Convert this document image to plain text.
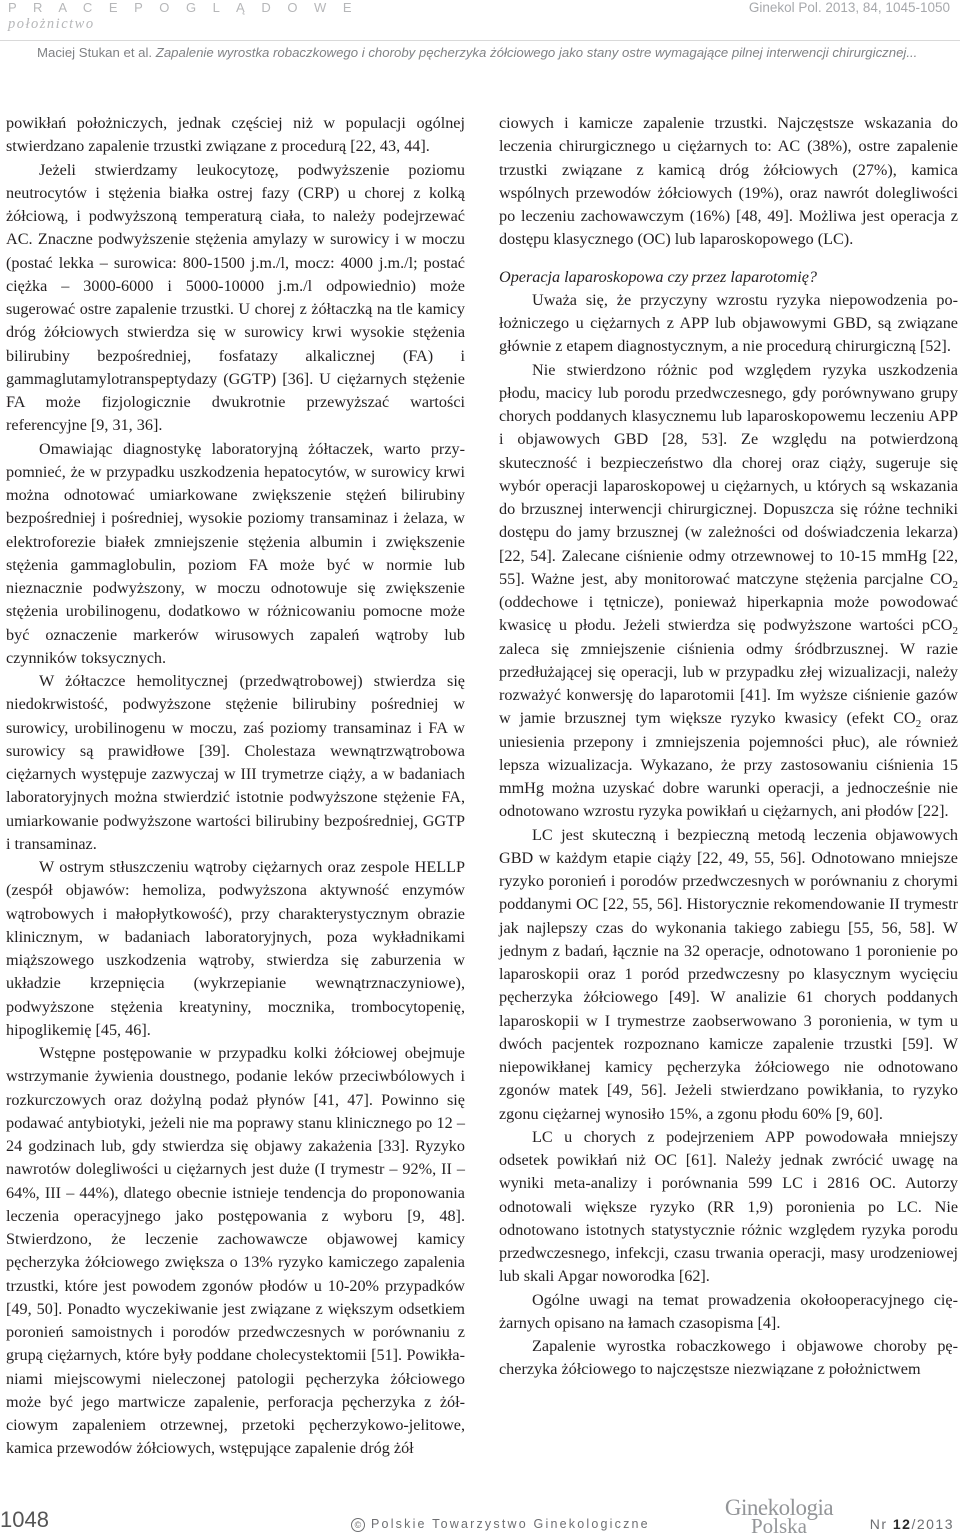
P R A C E P O G L Ą D O W E
położnictwo
Ginekol Pol. 2013, 84, 1045-1050
Maciej Stukan et al. Zapalenie wyrostka robaczkowego i choroby pęcherzyka żółciowego jako stany ostre wymagające pilnej interwencji chirurgicznej...

powikłań położniczych, jednak częściej niż w populacji ogólnej stwierdzano zapalenie trzustki związane z procedurą [22, 43, 44].

Jeżeli stwierdzamy leukocytozę, podwyższenie poziomu neutrocytów i stężenia białka ostrej fazy (CRP) u chorej z kolką żółciową, i podwyższoną temperaturą ciała, to należy podejrzewać AC. Znaczne podwyższenie stężenia amylazy w surowicy i w moczu (postać lekka – surowica: 800-1500 j.m./l, mocz: 4000 j.m./l; postać ciężka – 3000-6000 i 5000-10000 j.m./l odpowiednio) może sugerować ostre zapalenie trzustki. U chorej z żółtaczką na tle kamicy dróg żółciowych stwierdza się w surowicy krwi wysokie stężenia bilirubiny bezpośredniej, fosfatazy alkalicznej (FA) i gammaglutamylotranspeptydazy (GGTP) [36]. U ciężarnych stężenie FA może fizjologicznie dwukrotnie przewyższać wartości referencyjne [9, 31, 36].

Omawiając diagnostykę laboratoryjną żółtaczek, warto przypomnieć, że w przypadku uszkodzenia hepatocytów, w surowicy krwi można odnotować umiarkowane zwiększenie stężeń bilirubiny bezpośredniej i pośredniej, wysokie poziomy transaminaz i żelaza, w elektroforezie białek zmniejszenie stężenia albumin i zwiększenie stężenia gammaglobulin, poziom FA może być w normie lub nieznacznie podwyższony, w moczu odnotowuje się zwiększenie stężenia urobilinogenu, dodatkowo w różnicowaniu pomocne może być oznaczenie markerów wirusowych zapaleń wątroby lub czynników toksycznych.

W żółtaczce hemolitycznej (przedwątrobowej) stwierdza się niedokrwistość, podwyższone stężenie bilirubiny pośredniej w surowicy, urobilinogenu w moczu, zaś poziomy transaminaz i FA w surowicy są prawidłowe [39]. Cholestaza wewnątrzwątrobowa ciężarnych występuje zazwyczaj w III trymetrze ciąży, a w badaniach laboratoryjnych można stwierdzić istotnie podwyższone stężenie FA, umiarkowanie podwyższone wartości bilirubiny bezpośredniej, GGTP i transaminaz.

W ostrym stłuszczeniu wątroby ciężarnych oraz zespole HELLP (zespół objawów: hemoliza, podwyższona aktywność enzymów wątrobowych i małopłytkowość), przy charakterystycznym obrazie klinicznym, w badaniach laboratoryjnych, poza wykładnikami miąższowego uszkodzenia wątroby, stwierdza się zaburzenia w układzie krzepnięcia (wykrzepianie wewnątrznaczyniowe), podwyższone stężenia kreatyniny, mocznika, trombocytopenię, hipoglikemię [45, 46].

Wstępne postępowanie w przypadku kolki żółciowej obejmuje wstrzymanie żywienia doustnego, podanie leków przeciwbólowych i rozkurczowych oraz dożylną podaż płynów [41, 47]. Powinno się podawać antybiotyki, jeżeli nie ma poprawy stanu klinicznego po 12 – 24 godzinach lub, gdy stwierdza się objawy zakażenia [33]. Ryzyko nawrotów dolegliwości u ciężarnych jest duże (I trymestr – 92%, II – 64%, III – 44%), dlatego obecnie istnieje tendencja do proponowania leczenia operacyjnego jako postępowania z wyboru [9, 48]. Stwierdzono, że leczenie zachowawcze objawowej kamicy pęcherzyka żółciowego zwiększa o 13% ryzyko kamiczego zapalenia trzustki, które jest powodem zgonów płodów u 10-20% przypadków [49, 50]. Ponadto wyczekiwanie jest związane z większym odsetkiem poronień samoistnych i porodów przedwczesnych w porównaniu z grupą ciężarnych, które były poddane cholecystektomii [51]. Powikłaniami miejscowymi nieleczonej patologii pęcherzyka żółciowego może być jego martwicze zapalenie, perforacja pęcherzyka z żółciowym zapaleniem otrzewnej, przetoki pęcherzykowo-jelitowe, kamica przewodów żółciowych, wstępujące zapalenie dróg żół

ciowych i kamicze zapalenie trzustki. Najczęstsze wskazania do leczenia chirurgicznego u ciężarnych to: AC (38%), ostre zapalenie trzustki związane z kamicą dróg żółciowych (27%), kamica wspólnych przewodów żółciowych (19%), oraz nawrót dolegliwości po leczeniu zachowawczym (16%) [48, 49]. Możliwa jest operacja z dostępu klasycznego (OC) lub laparoskopowego (LC).

Operacja laparoskopowa czy przez laparotomię?

Uważa się, że przyczyny wzrostu ryzyka niepowodzenia położniczego u ciężarnych z APP lub objawowymi GBD, są związane głównie z etapem diagnostycznym, a nie procedurą chirurgiczną [52].

Nie stwierdzono różnic pod względem ryzyka uszkodzenia płodu, macicy lub porodu przedwczesnego, gdy porównywano grupy chorych poddanych klasycznemu lub laparoskopowemu leczeniu APP i objawowych GBD [28, 53]. Ze względu na potwierdzoną skuteczność i bezpieczeństwo dla chorej oraz ciąży, sugeruje się wybór operacji laparoskopowej u ciężarnych, u których są wskazania do brzusznej interwencji chirurgicznej. Dopuszcza się różne techniki dostępu do jamy brzusznej (w zależności od doświadczenia lekarza) [22, 54]. Zalecane ciśnienie odmy otrzewnowej to 10-15 mmHg [22, 55]. Ważne jest, aby monitorować matczyne stężenia parcjalne $CO_2$ (oddechowe i tętnicze), ponieważ hiperkapnia może powodować kwasicę u płodu. Jeżeli stwierdza się podwyższone wartości pCO$_2$ zaleca się zmniejszenie ciśnienia odmy śródbrzusznej. W razie przedłużającej się operacji, lub w przypadku złej wizualizacji, należy rozważyć konwersję do laparotomii [41]. Im wyższe ciśnienie gazów w jamie brzusznej tym większe ryzyko kwasicy (efekt $CO_2$ oraz uniesienia przepony i zmniejszenia pojemności płuc), ale również lepsza wizualizacja. Wykazano, że przy zastosowaniu ciśnienia 15 mmHg można uzyskać dobre warunki operacji, a jednocześnie nie odnotowano wzrostu ryzyka powikłań u ciężarnych, ani płodów [22].

LC jest skuteczną i bezpieczną metodą leczenia objawowych GBD w każdym etapie ciąży [22, 49, 55, 56]. Odnotowano mniejsze ryzyko poronień i porodów przedwczesnych w porównaniu z chorymi poddanymi OC [22, 55, 56]. Historycznie rekomendowanie II trymestr jak najlepszy czas do wykonania takiego zabiegu [55, 56, 58]. W jednym z badań, łącznie na 32 operacje, odnotowano 1 poronienie po laparoskopii oraz 1 poród przedwczesny po klasycznym wycięciu pęcherzyka żółciowego [49]. W analizie 61 chorych poddanych laparoskopii w I trymestrze zaobserwowano 3 poronienia, w tym u dwóch pacjentek rozpoznano kamicze zapalenie trzustki [59]. W niepowikłanej kamicy pęcherzyka żółciowego nie odnotowano zgonów matek [49, 56]. Jeżeli stwierdzano powikłania, to ryzyko zgonu ciężarnej wynosiło 15%, a zgonu płodu 60% [9, 60].

LC u chorych z podejrzeniem APP powodowała mniejszy odsetek powikłań niż OC [61]. Należy jednak zwrócić uwagę na wyniki meta-analizy i porównania 599 LC i 2816 OC. Autorzy odnotowali większe ryzyko (RR 1,9) poronienia po LC. Nie odnotowano istotnych statystycznie różnic względem ryzyka porodu przedwczesnego, infekcji, czasu trwania operacji, masy urodzeniowej lub skali Apgar noworodka [62].

Ogólne uwagi na temat prowadzenia okołooperacyjnego ciężarnych opisano na łamach czasopisma [4].

Zapalenie wyrostka robaczkowego i objawowe choroby pęcherzyka żółciowego to najczęstsze niezwiązane z położnictwem

1048	© Polskie Towarzystwo Ginekologiczne
Ginekologia
Polska	Nr 12/2013
